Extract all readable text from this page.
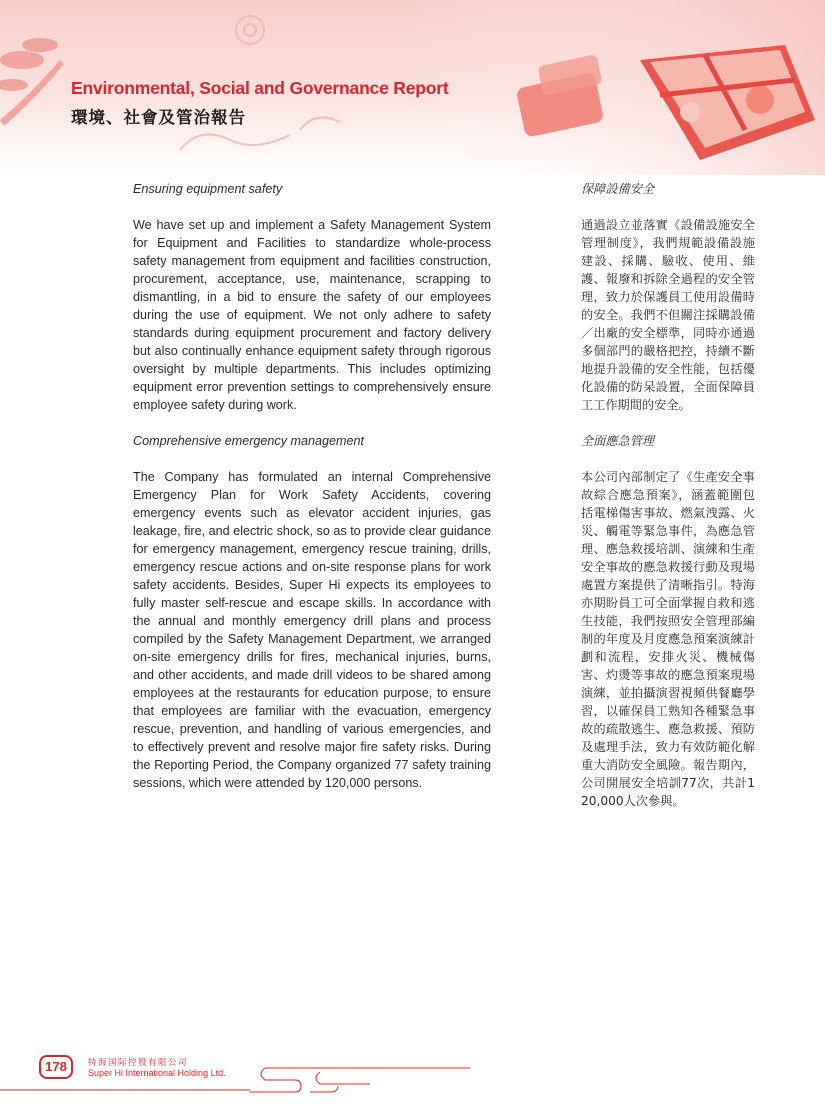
Environmental, Social and Governance Report
環境、社會及管治報告

Ensuring equipment safety

We have set up and implement a Safety Management System for Equipment and Facilities to standardize whole-process safety management from equipment and facilities construction, procurement, acceptance, use, maintenance, scrapping to dismantling, in a bid to ensure the safety of our employees during the use of equipment. We not only adhere to safety standards during equipment procurement and factory delivery but also continually enhance equipment safety through rigorous oversight by multiple departments. This includes optimizing equipment error prevention settings to comprehensively ensure employee safety during work.

Comprehensive emergency management

The Company has formulated an internal Comprehensive Emergency Plan for Work Safety Accidents, covering emergency events such as elevator accident injuries, gas leakage, fire, and electric shock, so as to provide clear guidance for emergency management, emergency rescue training, drills, emergency rescue actions and on-site response plans for work safety accidents. Besides, Super Hi expects its employees to fully master self-rescue and escape skills. In accordance with the annual and monthly emergency drill plans and process compiled by the Safety Management Department, we arranged on-site emergency drills for fires, mechanical injuries, burns, and other accidents, and made drill videos to be shared among employees at the restaurants for education purpose, to ensure that employees are familiar with the evacuation, emergency rescue, prevention, and handling of various emergencies, and to effectively prevent and resolve major fire safety risks. During the Reporting Period, the Company organized 77 safety training sessions, which were attended by 120,000 persons.

保障設備安全

通過設立並落實《設備設施安全管理制度》，我們規範設備設施建設、採購、驗收、使用、維護、報廢和拆除全過程的安全管理，致力於保護員工使用設備時的安全。我們不但關注採購設備／出廠的安全標準，同時亦通過多個部門的嚴格把控，持續不斷地提升設備的安全性能，包括優化設備的防呆設置，全面保障員工工作期間的安全。

全面應急管理

本公司內部制定了《生產安全事故綜合應急預案》，涵蓋範圍包括電梯傷害事故、燃氣洩露、火災、觸電等緊急事件，為應急管理、應急救援培訓、演練和生產安全事故的應急救援行動及現場處置方案提供了清晰指引。特海亦期盼員工可全面掌握自救和逃生技能，我們按照安全管理部編制的年度及月度應急預案演練計劃和流程，安排火災、機械傷害、灼燙等事故的應急預案現場演練，並拍攝演習視頻供餐廳學習，以確保員工熟知各種緊急事故的疏散逃生、應急救援、預防及處理手法，致力有效防範化解重大消防安全風險。報告期內，公司開展安全培訓77次，共計120,000人次參與。

178	特海国际控股有限公司
Super Hi International Holding Ltd.
